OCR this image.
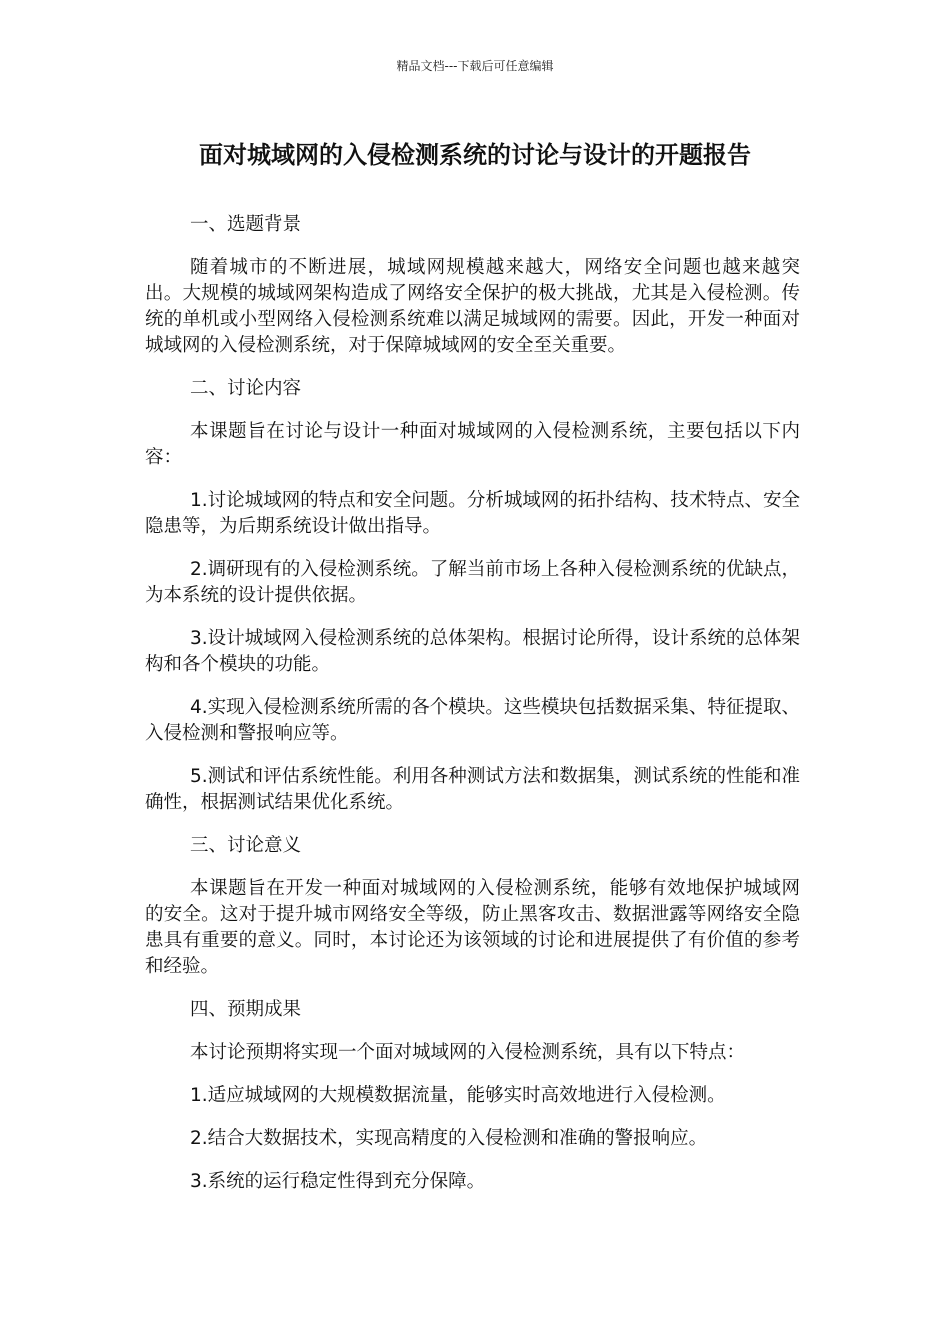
精品文档---下载后可任意编辑
面对城域网的入侵检测系统的讨论与设计的开题报告

一、选题背景

随着城市的不断进展，城域网规模越来越大，网络安全问题也越来越突出。大规模的城域网架构造成了网络安全保护的极大挑战，尤其是入侵检测。传统的单机或小型网络入侵检测系统难以满足城域网的需要。因此，开发一种面对城域网的入侵检测系统，对于保障城域网的安全至关重要。

二、讨论内容

本课题旨在讨论与设计一种面对城域网的入侵检测系统，主要包括以下内容：

1.讨论城域网的特点和安全问题。分析城域网的拓扑结构、技术特点、安全隐患等，为后期系统设计做出指导。

2.调研现有的入侵检测系统。了解当前市场上各种入侵检测系统的优缺点，为本系统的设计提供依据。

3.设计城域网入侵检测系统的总体架构。根据讨论所得，设计系统的总体架构和各个模块的功能。

4.实现入侵检测系统所需的各个模块。这些模块包括数据采集、特征提取、入侵检测和警报响应等。

5.测试和评估系统性能。利用各种测试方法和数据集，测试系统的性能和准确性，根据测试结果优化系统。

三、讨论意义

本课题旨在开发一种面对城域网的入侵检测系统，能够有效地保护城域网的安全。这对于提升城市网络安全等级，防止黑客攻击、数据泄露等网络安全隐患具有重要的意义。同时，本讨论还为该领域的讨论和进展提供了有价值的参考和经验。

四、预期成果

本讨论预期将实现一个面对城域网的入侵检测系统，具有以下特点：

1.适应城域网的大规模数据流量，能够实时高效地进行入侵检测。

2.结合大数据技术，实现高精度的入侵检测和准确的警报响应。

3.系统的运行稳定性得到充分保障。
